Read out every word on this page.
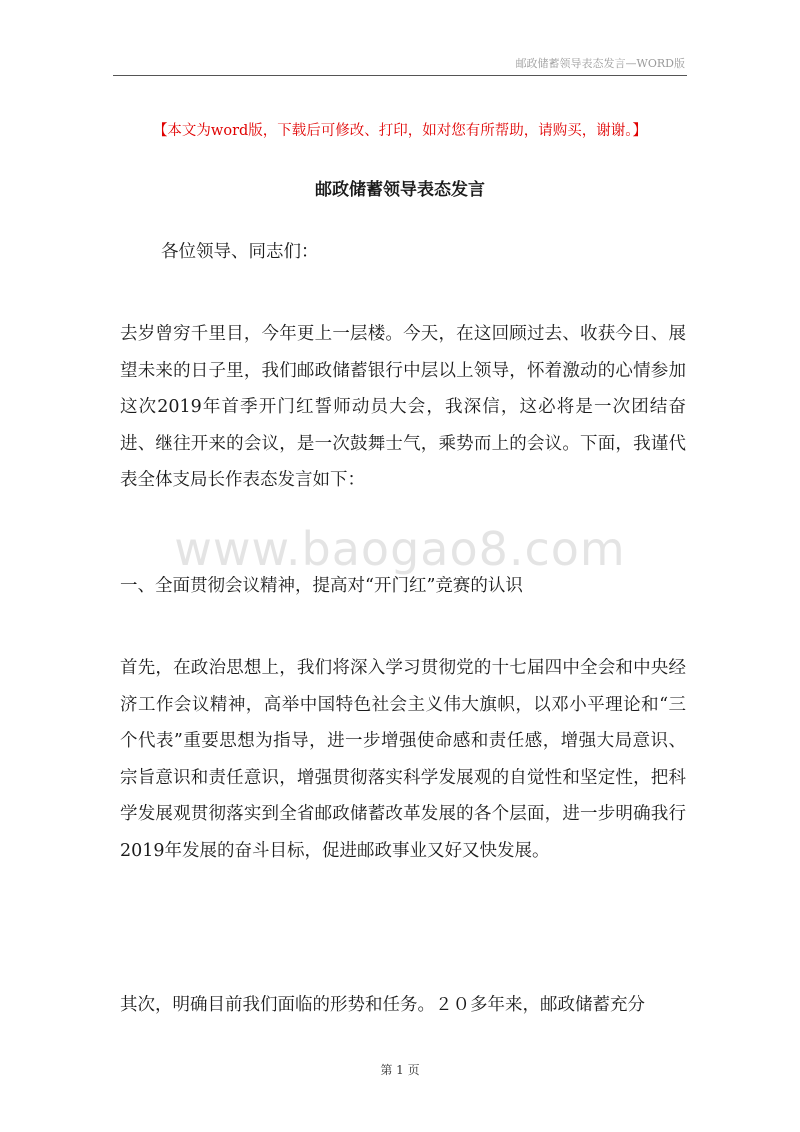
邮政储蓄领导表态发言—WORD版
【本文为word版，下载后可修改、打印，如对您有所帮助，请购买，谢谢。】
邮政储蓄领导表态发言
各位领导、同志们：

去岁曾穷千里目，今年更上一层楼。今天，在这回顾过去、收获今日、展望未来的日子里，我们邮政储蓄银行中层以上领导，怀着激动的心情参加这次2019年首季开门红誓师动员大会，我深信，这必将是一次团结奋进、继往开来的会议，是一次鼓舞士气，乘势而上的会议。下面，我谨代表全体支局长作表态发言如下：

www.baogao8.com
一、全面贯彻会议精神，提高对“开门红”竞赛的认识

首先，在政治思想上，我们将深入学习贯彻党的十七届四中全会和中央经济工作会议精神，高举中国特色社会主义伟大旗帜，以邓小平理论和“三个代表”重要思想为指导，进一步增强使命感和责任感，增强大局意识、宗旨意识和责任意识，增强贯彻落实科学发展观的自觉性和坚定性，把科学发展观贯彻落实到全省邮政储蓄改革发展的各个层面，进一步明确我行2019年发展的奋斗目标，促进邮政事业又好又快发展。

其次，明确目前我们面临的形势和任务。２０多年来，邮政储蓄充分

第 1 页
